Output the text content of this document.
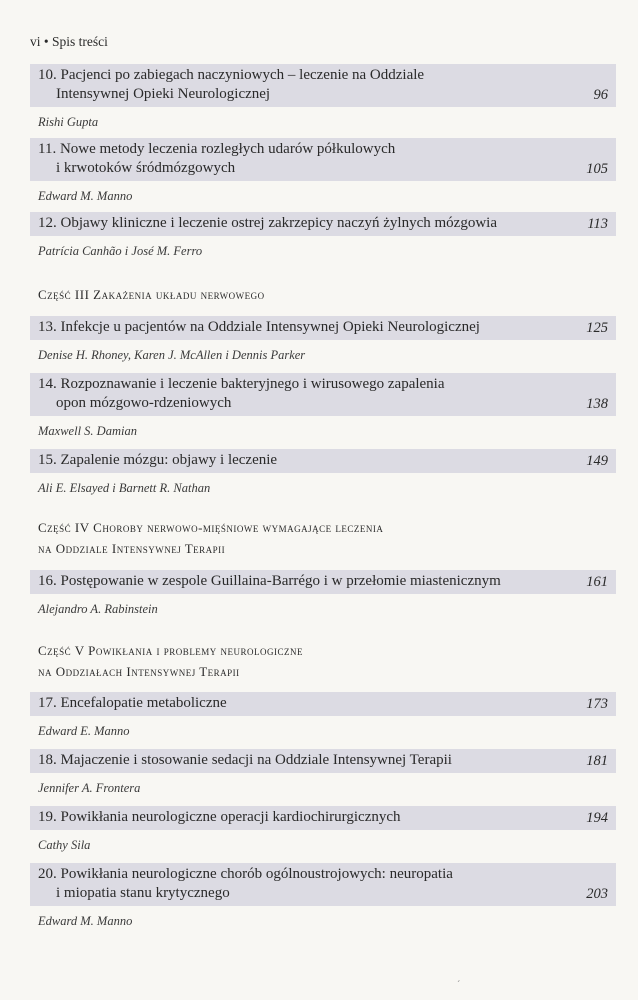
vi • Spis treści
10. Pacjenci po zabiegach naczyniowych – leczenie na Oddziale
Intensywnej Opieki Neurologicznej	96
Rishi Gupta
11. Nowe metody leczenia rozległych udarów półkulowych
i krwotoków śródmózgowych	105
Edward M. Manno
12. Objawy kliniczne i leczenie ostrej zakrzepicy naczyń żylnych mózgowia	113
Patrícia Canhão i José M. Ferro
Część III Zakażenia układu nerwowego
13. Infekcje u pacjentów na Oddziale Intensywnej Opieki Neurologicznej	125
Denise H. Rhoney, Karen J. McAllen i Dennis Parker
14. Rozpoznawanie i leczenie bakteryjnego i wirusowego zapalenia
opon mózgowo-rdzeniowych	138
Maxwell S. Damian
15. Zapalenie mózgu: objawy i leczenie	149
Ali E. Elsayed i Barnett R. Nathan
Część IV Choroby nerwowo-mięśniowe wymagające leczenia
na Oddziale Intensywnej Terapii
16. Postępowanie w zespole Guillaina-Barrégo i w przełomie miastenicznym	161
Alejandro A. Rabinstein
Część V Powikłania i problemy neurologiczne
na Oddziałach Intensywnej Terapii
17. Encefalopatie metaboliczne	173
Edward E. Manno
18. Majaczenie i stosowanie sedacji na Oddziale Intensywnej Terapii	181
Jennifer A. Frontera
19. Powikłania neurologiczne operacji kardiochirurgicznych	194
Cathy Sila
20. Powikłania neurologiczne chorób ogólnoustrojowych: neuropatia
i miopatia stanu krytycznego	203
Edward M. Manno
´
